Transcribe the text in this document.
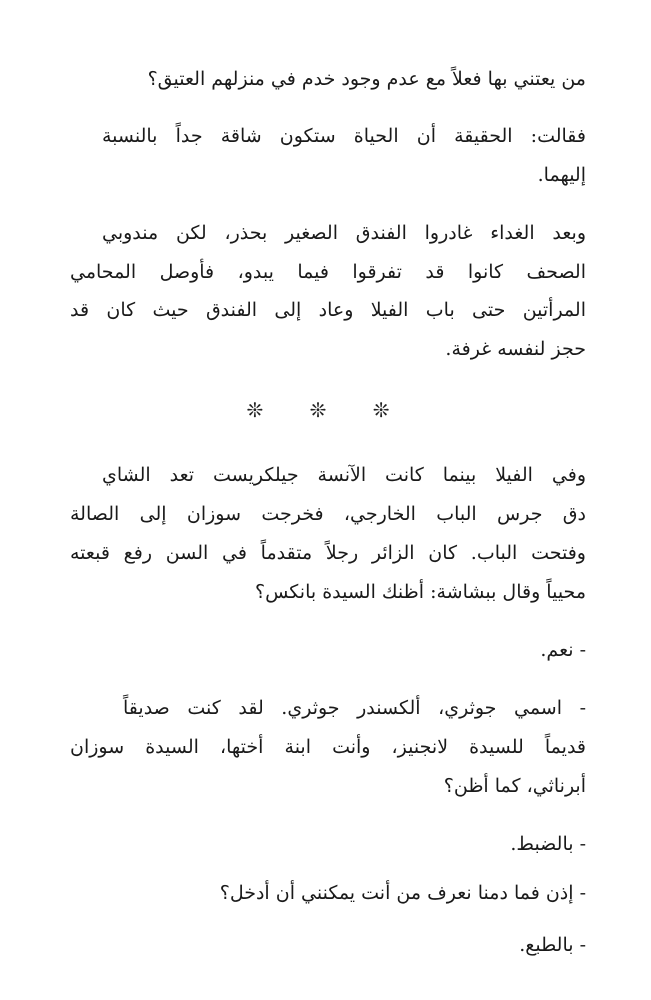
من يعتني بها فعلاً مع عدم وجود خدم في منزلهم العتيق؟
فقالت: الحقيقة أن الحياة ستكون شاقة جداً بالنسبة
إليهما.
وبعد الغداء غادروا الفندق الصغير بحذر، لكن مندوبي
الصحف كانوا قد تفرقوا فيما يبدو، فأوصل المحامي
المرأتين حتى باب الفيلا وعاد إلى الفندق حيث كان قد
حجز لنفسه غرفة.
❊ ❊ ❊
وفي الفيلا بينما كانت الآنسة جيلكريست تعد الشاي
دق جرس الباب الخارجي، فخرجت سوزان إلى الصالة
وفتحت الباب. كان الزائر رجلاً متقدماً في السن رفع قبعته
محيياً وقال ببشاشة: أظنك السيدة بانكس؟
- نعم.
- اسمي جوثري، ألكسندر جوثري. لقد كنت صديقاً
قديماً للسيدة لانجنيز، وأنت ابنة أختها، السيدة سوزان
أبرناثي، كما أظن؟
- بالضبط.
- إذن فما دمنا نعرف من أنت يمكنني أن أدخل؟
- بالطبع.
